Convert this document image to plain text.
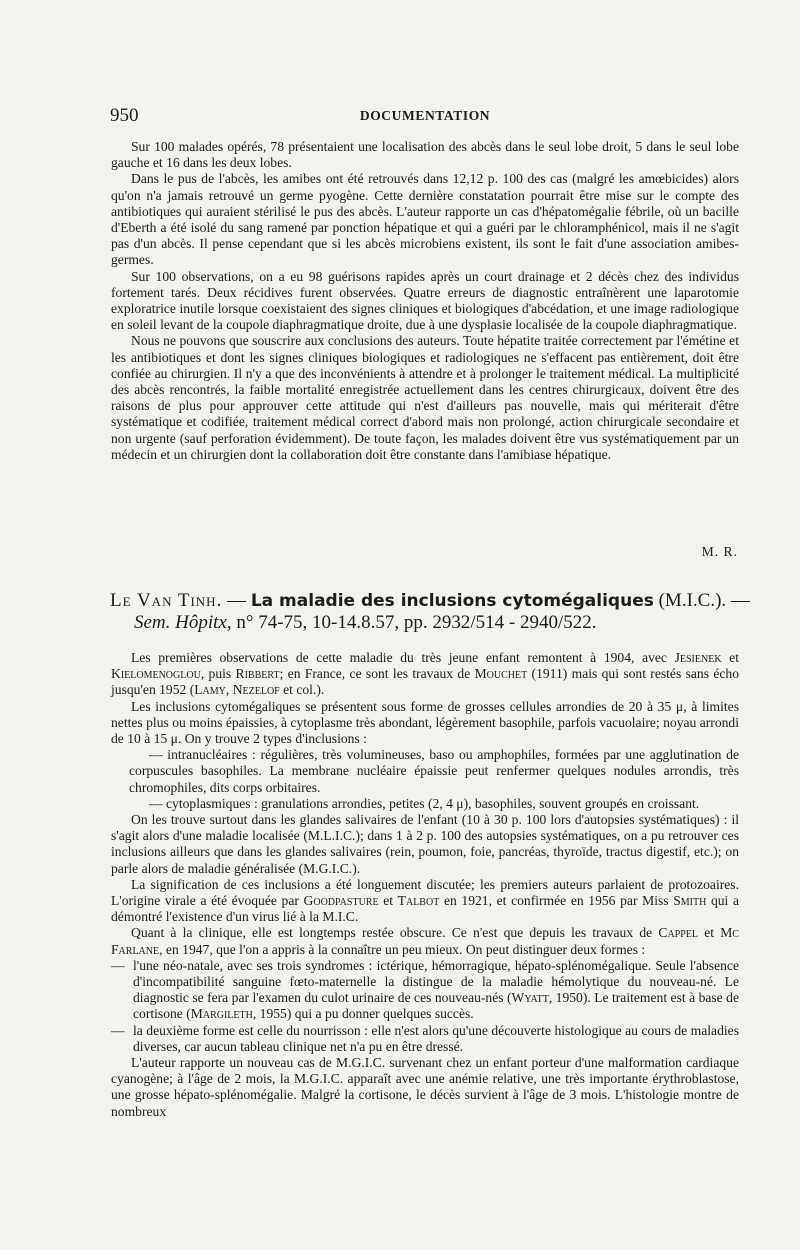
950	DOCUMENTATION

Sur 100 malades opérés, 78 présentaient une localisation des abcès dans le seul lobe droit, 5 dans le seul lobe gauche et 16 dans les deux lobes.

Dans le pus de l'abcès, les amibes ont été retrouvés dans 12,12 p. 100 des cas (malgré les amœbicides) alors qu'on n'a jamais retrouvé un germe pyogène. Cette dernière constatation pourrait être mise sur le compte des antibiotiques qui auraient stérilisé le pus des abcès. L'auteur rapporte un cas d'hépatomégalie fébrile, où un bacille d'Eberth a été isolé du sang ramené par ponction hépatique et qui a guéri par le chloramphénicol, mais il ne s'agit pas d'un abcès. Il pense cependant que si les abcès microbiens existent, ils sont le fait d'une association amibes-germes.

Sur 100 observations, on a eu 98 guérisons rapides après un court drainage et 2 décès chez des individus fortement tarés. Deux récidives furent observées. Quatre erreurs de diagnostic entraînèrent une laparotomie exploratrice inutile lorsque coexistaient des signes cliniques et biologiques d'abcédation, et une image radiologique en soleil levant de la coupole diaphragmatique droite, due à une dysplasie localisée de la coupole diaphragmatique.

Nous ne pouvons que souscrire aux conclusions des auteurs. Toute hépatite traitée correctement par l'émétine et les antibiotiques et dont les signes cliniques biologiques et radiologiques ne s'effacent pas entièrement, doit être confiée au chirurgien. Il n'y a que des inconvénients à attendre et à prolonger le traitement médical. La multiplicité des abcès rencontrés, la faible mortalité enregistrée actuellement dans les centres chirurgicaux, doivent être des raisons de plus pour approuver cette attitude qui n'est d'ailleurs pas nouvelle, mais qui mériterait d'être systématique et codifiée, traitement médical correct d'abord mais non prolongé, action chirurgicale secondaire et non urgente (sauf perforation évidemment). De toute façon, les malades doivent être vus systématiquement par un médecin et un chirurgien dont la collaboration doit être constante dans l'amibiase hépatique.

M. R.
Le Van Tinh. — La maladie des inclusions cytomégaliques (M.I.C.). —
Sem. Hôpitx, n° 74-75, 10-14.8.57, pp. 2932/514 - 2940/522.

Les premières observations de cette maladie du très jeune enfant remontent à 1904, avec Jesienek et Kielomenoglou, puis Ribbert; en France, ce sont les travaux de Mouchet (1911) mais qui sont restés sans écho jusqu'en 1952 (Lamy, Nezelof et col.).

Les inclusions cytomégaliques se présentent sous forme de grosses cellules arrondies de 20 à 35 μ, à limites nettes plus ou moins épaissies, à cytoplasme très abondant, légèrement basophile, parfois vacuolaire; noyau arrondi de 10 à 15 μ. On y trouve 2 types d'inclusions :

— intranucléaires : régulières, très volumineuses, baso ou amphophiles, formées par une agglutination de corpuscules basophiles. La membrane nucléaire épaissie peut renfermer quelques nodules arrondis, très chromophiles, dits corps orbitaires.

— cytoplasmiques : granulations arrondies, petites (2, 4 μ), basophiles, souvent groupés en croissant.

On les trouve surtout dans les glandes salivaires de l'enfant (10 à 30 p. 100 lors d'autopsies systématiques) : il s'agit alors d'une maladie localisée (M.L.I.C.); dans 1 à 2 p. 100 des autopsies systématiques, on a pu retrouver ces inclusions ailleurs que dans les glandes salivaires (rein, poumon, foie, pancréas, thyroïde, tractus digestif, etc.); on parle alors de maladie généralisée (M.G.I.C.).

La signification de ces inclusions a été longuement discutée; les premiers auteurs parlaient de protozoaires. L'origine virale a été évoquée par Goodpasture et Talbot en 1921, et confirmée en 1956 par Miss Smith qui a démontré l'existence d'un virus lié à la M.I.C.

Quant à la clinique, elle est longtemps restée obscure. Ce n'est que depuis les travaux de Cappel et Mc Farlane, en 1947, que l'on a appris à la connaître un peu mieux. On peut distinguer deux formes :

— l'une néo-natale, avec ses trois syndromes : ictérique, hémorragique, hépato-splénomégalique. Seule l'absence d'incompatibilité sanguine fœto-maternelle la distingue de la maladie hémolytique du nouveau-né. Le diagnostic se fera par l'examen du culot urinaire de ces nouveau-nés (Wyatt, 1950). Le traitement est à base de cortisone (Margileth, 1955) qui a pu donner quelques succès.

— la deuxième forme est celle du nourrisson : elle n'est alors qu'une découverte histologique au cours de maladies diverses, car aucun tableau clinique net n'a pu en être dressé.

L'auteur rapporte un nouveau cas de M.G.I.C. survenant chez un enfant porteur d'une malformation cardiaque cyanogène; à l'âge de 2 mois, la M.G.I.C. apparaît avec une anémie relative, une très importante érythroblastose, une grosse hépato-splénomégalie. Malgré la cortisone, le décès survient à l'âge de 3 mois. L'histologie montre de nombreux
